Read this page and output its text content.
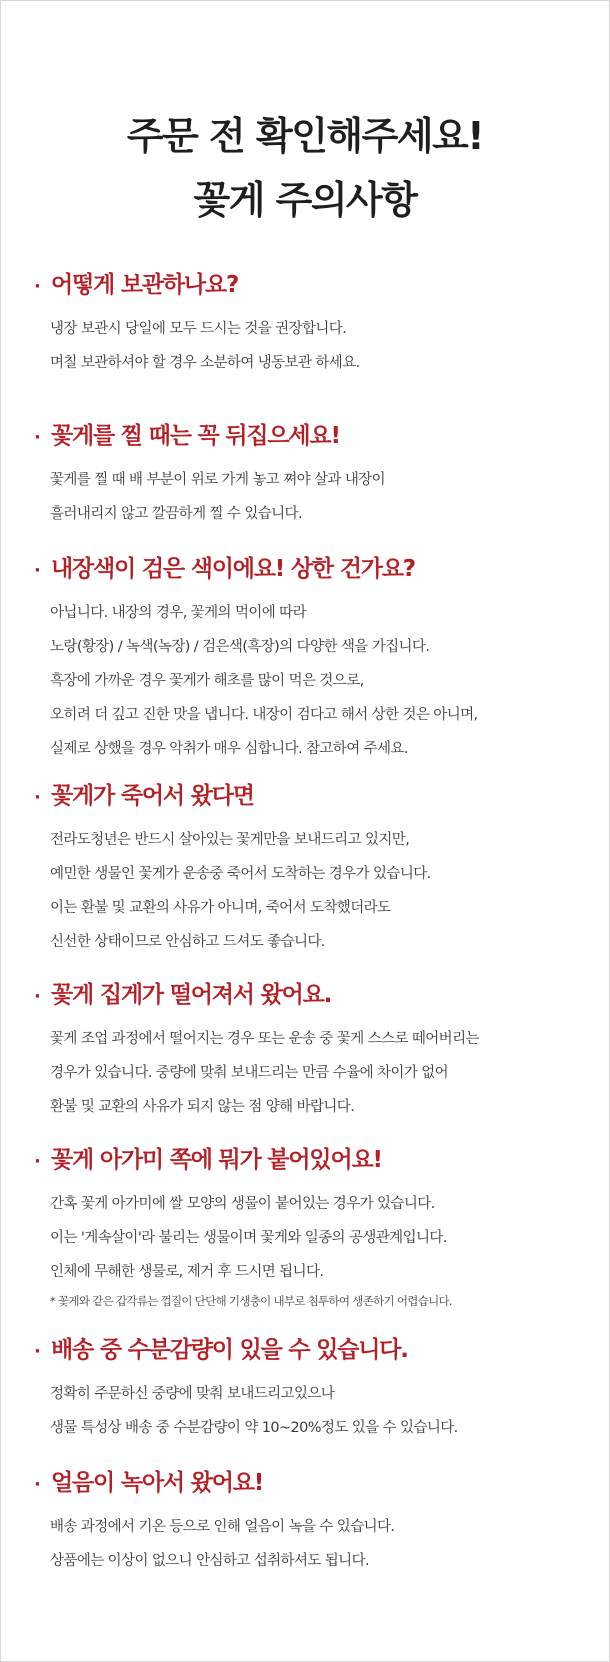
주문 전 확인해주세요!
꽃게 주의사항
· 어떻게 보관하나요?
냉장 보관시 당일에 모두 드시는 것을 권장합니다.
며칠 보관하셔야 할 경우 소분하여 냉동보관 하세요.
· 꽃게를 찔 때는 꼭 뒤집으세요!
꽃게를 찔 때 배 부분이 위로 가게 놓고 쪄야 살과 내장이
흘러내리지 않고 깔끔하게 찔 수 있습니다.
· 내장색이 검은 색이에요! 상한 건가요?
아닙니다. 내장의 경우, 꽃게의 먹이에 따라
노랑(황장) / 녹색(녹장) / 검은색(흑장)의 다양한 색을 가집니다.
흑장에 가까운 경우 꽃게가 해초를 많이 먹은 것으로,
오히려 더 깊고 진한 맛을 냅니다. 내장이 검다고 해서 상한 것은 아니며,
실제로 상했을 경우 악취가 매우 심합니다. 참고하여 주세요.
· 꽃게가 죽어서 왔다면
전라도청년은 반드시 살아있는 꽃게만을 보내드리고 있지만,
예민한 생물인 꽃게가 운송중 죽어서 도착하는 경우가 있습니다.
이는 환불 및 교환의 사유가 아니며, 죽어서 도착했더라도
신선한 상태이므로 안심하고 드셔도 좋습니다.
· 꽃게 집게가 떨어져서 왔어요.
꽃게 조업 과정에서 떨어지는 경우 또는 운송 중 꽃게 스스로 떼어버리는
경우가 있습니다. 중량에 맞춰 보내드리는 만큼 수율에 차이가 없어
환불 및 교환의 사유가 되지 않는 점 양해 바랍니다.
· 꽃게 아가미 쪽에 뭐가 붙어있어요!
간혹 꽃게 아가미에 쌀 모양의 생물이 붙어있는 경우가 있습니다.
이는 '게속살이'라 불리는 생물이며 꽃게와 일종의 공생관계입니다.
인체에 무해한 생물로, 제거 후 드시면 됩니다.
* 꽃게와 같은 갑각류는 껍질이 단단해 기생충이 내부로 침투하여 생존하기 어렵습니다.
· 배송 중 수분감량이 있을 수 있습니다.
정확히 주문하신 중량에 맞춰 보내드리고있으나
생물 특성상 배송 중 수분감량이 약 10~20%정도 있을 수 있습니다.
· 얼음이 녹아서 왔어요!
배송 과정에서 기온 등으로 인해 얼음이 녹을 수 있습니다.
상품에는 이상이 없으니 안심하고 섭취하셔도 됩니다.
